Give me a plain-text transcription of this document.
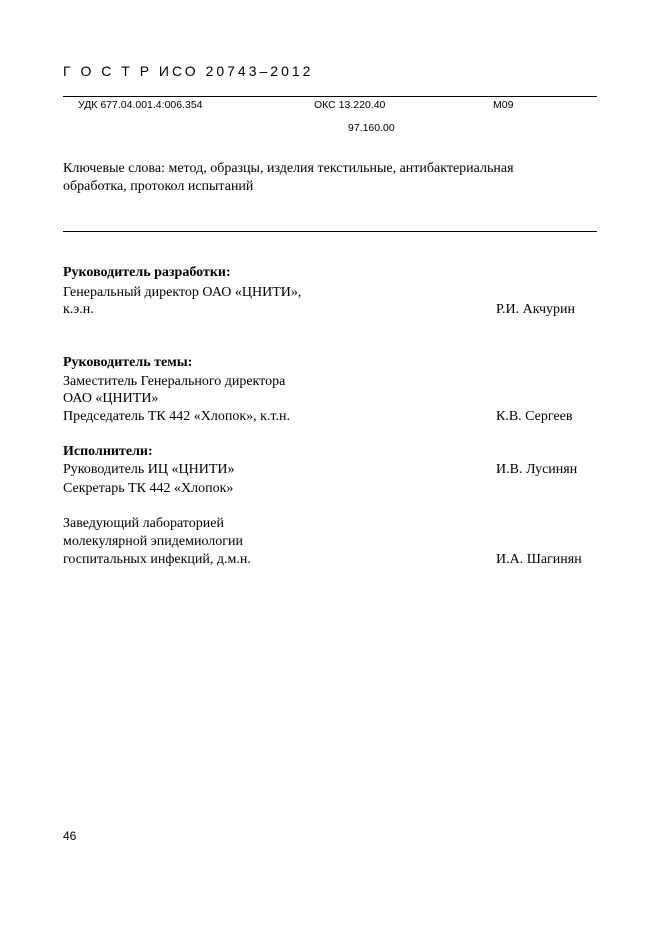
Г О С Т Р ИСО 20743–2012
УДК 677.04.001.4:006.354	ОКС 13.220.40	М09
97.160.00
Ключевые слова: метод, образцы, изделия текстильные, антибактериальная
обработка, протокол испытаний
Руководитель разработки:
Генеральный директор ОАО «ЦНИТИ»,
к.э.н.	Р.И. Акчурин
Руководитель темы:
Заместитель Генерального директора
ОАО «ЦНИТИ»
Председатель ТК 442 «Хлопок», к.т.н.	К.В. Сергеев
Исполнители:
Руководитель ИЦ «ЦНИТИ»	И.В. Лусинян
Секретарь ТК 442 «Хлопок»
Заведующий лабораторией
молекулярной эпидемиологии
госпитальных инфекций, д.м.н.	И.А. Шагинян
46
